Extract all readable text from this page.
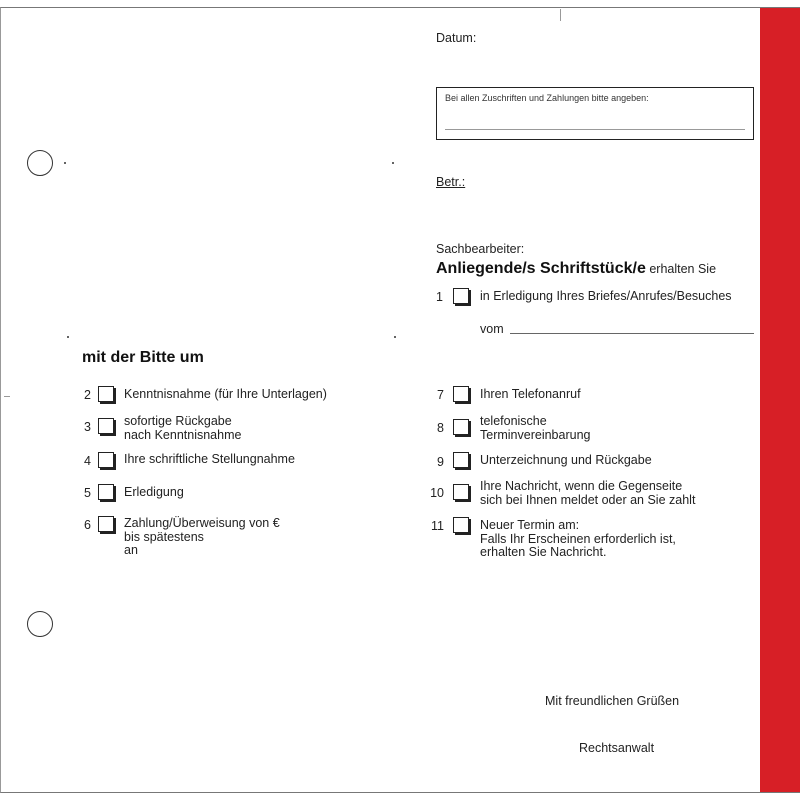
Datum:
Bei allen Zuschriften und Zahlungen bitte angeben:
Betr.:
Sachbearbeiter:
Anliegende/s Schriftstück/e erhalten Sie
1	in Erledigung Ihres Briefes/Anrufes/Besuches
vom
mit der Bitte um
2	Kenntnisnahme (für Ihre Unterlagen)
3	sofortige Rückgabe
nach Kenntnisnahme
4	Ihre schriftliche Stellungnahme
5	Erledigung
6	Zahlung/Überweisung von €
bis spätestens
an
7	Ihren Telefonanruf
8	telefonische
Terminvereinbarung
9	Unterzeichnung und Rückgabe
10	Ihre Nachricht, wenn die Gegenseite
sich bei Ihnen meldet oder an Sie zahlt
11	Neuer Termin am:
Falls Ihr Erscheinen erforderlich ist,
erhalten Sie Nachricht.
Mit freundlichen Grüßen
Rechtsanwalt
